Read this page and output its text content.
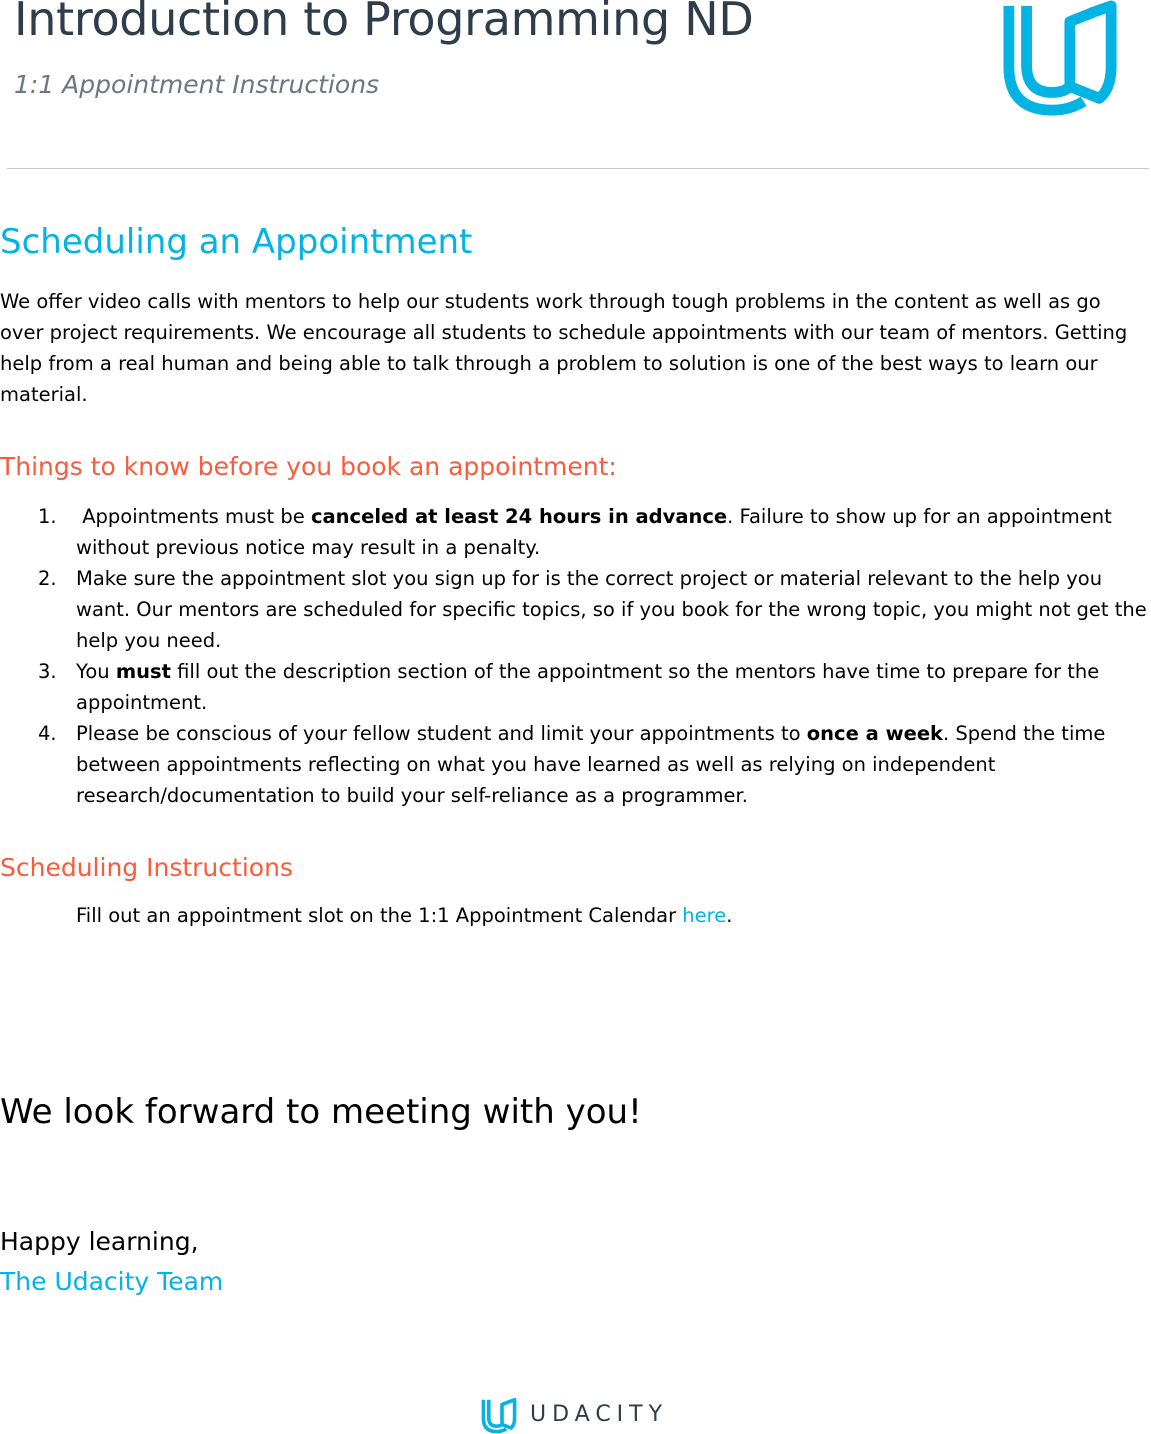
Introduction to Programming ND
1:1 Appointment Instructions
Scheduling an Appointment
We offer video calls with mentors to help our students work through tough problems in the content as well as go over project requirements. We encourage all students to schedule appointments with our team of mentors. Getting help from a real human and being able to talk through a problem to solution is one of the best ways to learn our material.
Things to know before you book an appointment:
1. Appointments must be canceled at least 24 hours in advance. Failure to show up for an appointment without previous notice may result in a penalty.
2. Make sure the appointment slot you sign up for is the correct project or material relevant to the help you want. Our mentors are scheduled for specific topics, so if you book for the wrong topic, you might not get the help you need.
3. You must fill out the description section of the appointment so the mentors have time to prepare for the appointment.
4. Please be conscious of your fellow student and limit your appointments to once a week. Spend the time between appointments reflecting on what you have learned as well as relying on independent research/documentation to build your self-reliance as a programmer.
Scheduling Instructions
Fill out an appointment slot on the 1:1 Appointment Calendar here.
We look forward to meeting with you!
Happy learning,
The Udacity Team
UDACITY
